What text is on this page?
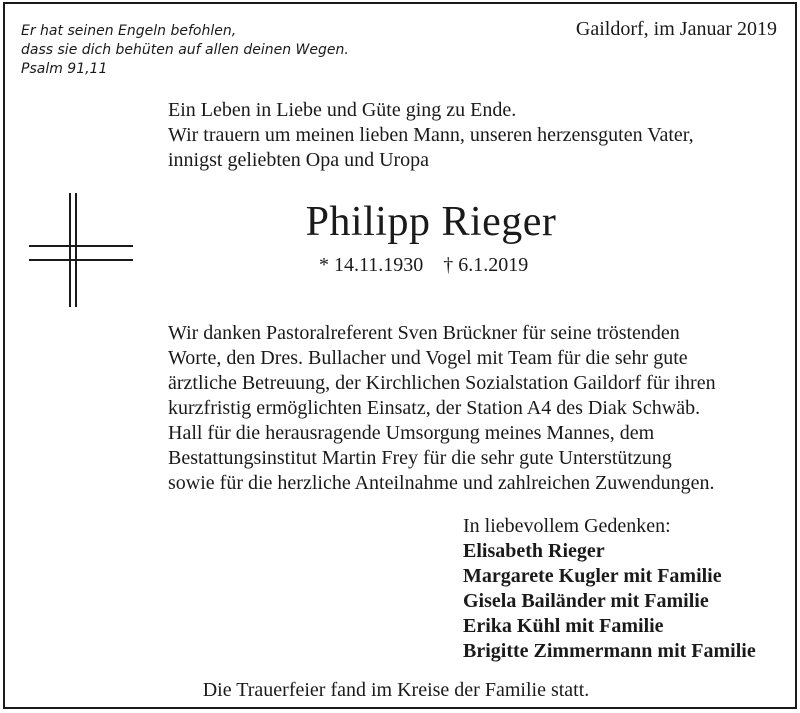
Er hat seinen Engeln befohlen,
dass sie dich behüten auf allen deinen Wegen.
Psalm 91,11

Gaildorf, im Januar 2019

Ein Leben in Liebe und Güte ging zu Ende.
Wir trauern um meinen lieben Mann, unseren herzensguten Vater,
innigst geliebten Opa und Uropa

Philipp Rieger

* 14.11.1930 † 6.1.2019

Wir danken Pastoralreferent Sven Brückner für seine tröstenden
Worte, den Dres. Bullacher und Vogel mit Team für die sehr gute
ärztliche Betreuung, der Kirchlichen Sozialstation Gaildorf für ihren
kurzfristig ermöglichten Einsatz, der Station A4 des Diak Schwäb.
Hall für die herausragende Umsorgung meines Mannes, dem
Bestattungsinstitut Martin Frey für die sehr gute Unterstützung
sowie für die herzliche Anteilnahme und zahlreichen Zuwendungen.

In liebevollem Gedenken:
Elisabeth Rieger
Margarete Kugler mit Familie
Gisela Bailänder mit Familie
Erika Kühl mit Familie
Brigitte Zimmermann mit Familie

Die Trauerfeier fand im Kreise der Familie statt.
